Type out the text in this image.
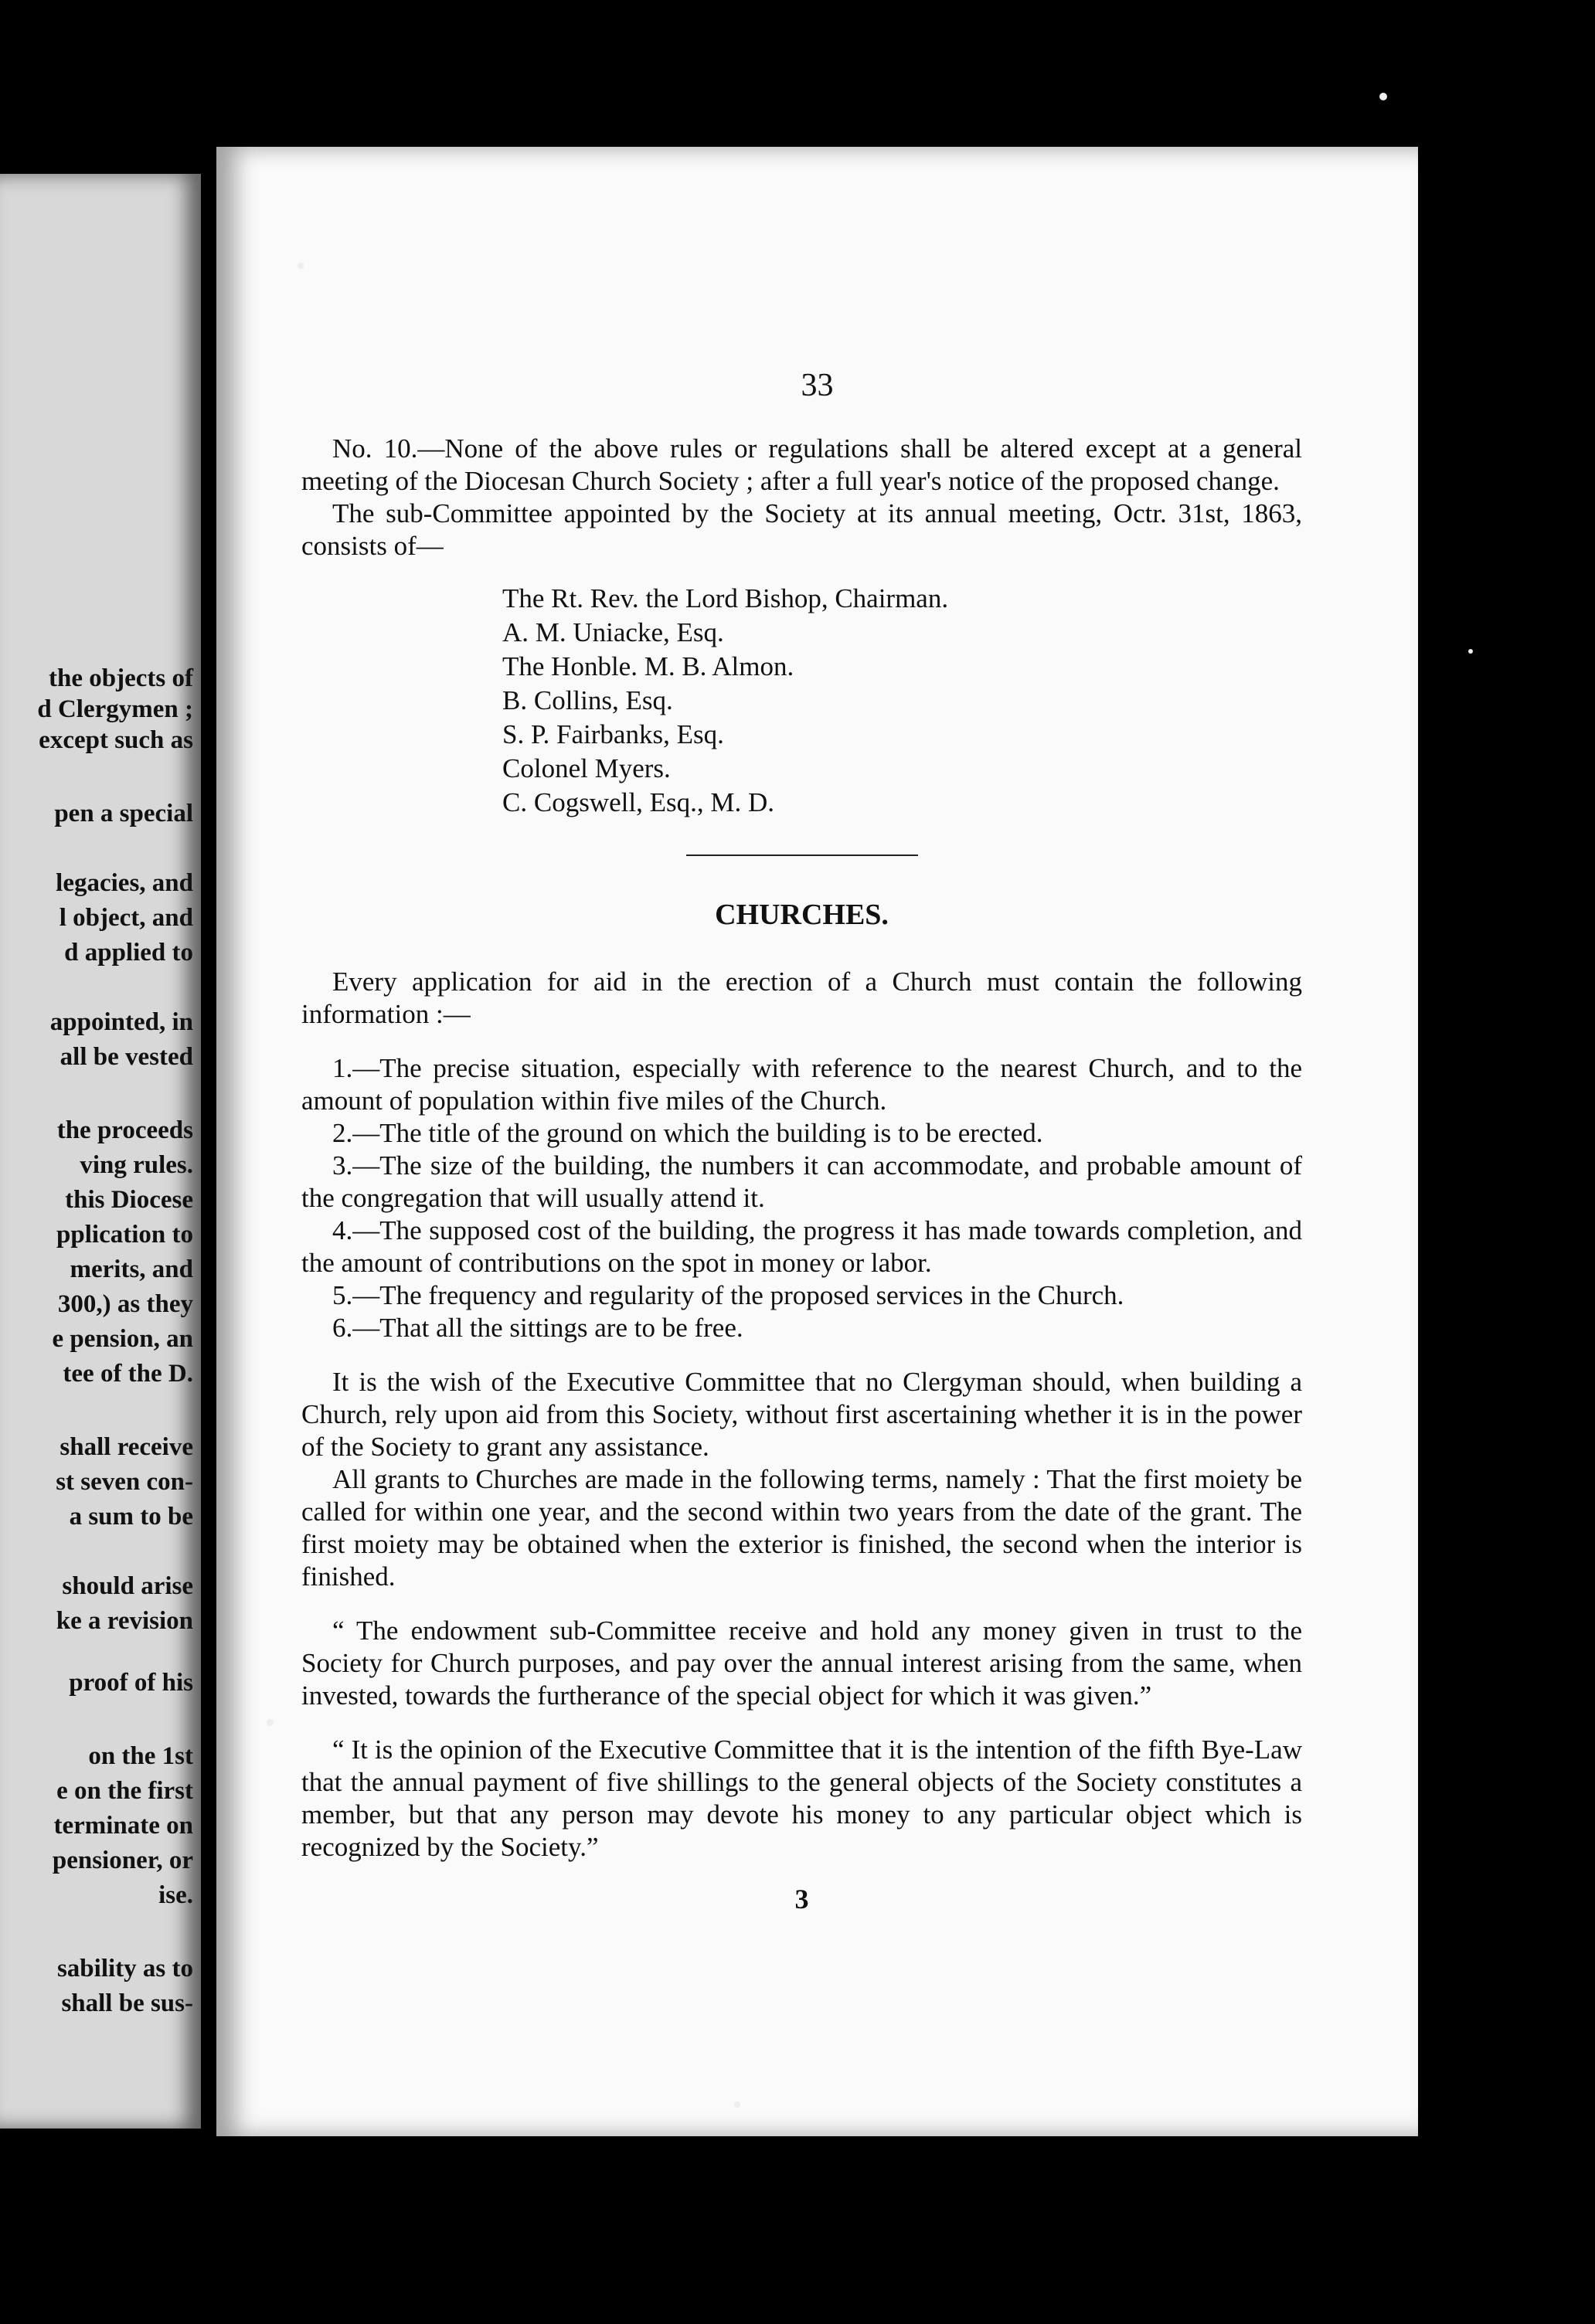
the objects of
d Clergymen ;
except such as
pen a special
legacies, and
l object, and
d applied to
appointed, in
all be vested
the proceeds
ving rules.
this Diocese
pplication to
merits, and
300,) as they
e pension, an
tee of the D.
shall receive
st seven con-
a sum to be
should arise
ke a revision
proof of his
on the 1st
e on the first
terminate on
pensioner, or
ise.
sability as to
shall be sus-
33

No. 10.—None of the above rules or regulations shall be altered except at a general meeting of the Diocesan Church Society ; after a full year's notice of the proposed change.

The sub-Committee appointed by the Society at its annual meeting, Octr. 31st, 1863, consists of—

The Rt. Rev. the Lord Bishop, Chairman.
A. M. Uniacke, Esq.
The Honble. M. B. Almon.
B. Collins, Esq.
S. P. Fairbanks, Esq.
Colonel Myers.
C. Cogswell, Esq., M. D.
CHURCHES.

Every application for aid in the erection of a Church must contain the following information :—

1.—The precise situation, especially with reference to the nearest Church, and to the amount of population within five miles of the Church.

2.—The title of the ground on which the building is to be erected.

3.—The size of the building, the numbers it can accommodate, and probable amount of the congregation that will usually attend it.

4.—The supposed cost of the building, the progress it has made towards completion, and the amount of contributions on the spot in money or labor.

5.—The frequency and regularity of the proposed services in the Church.

6.—That all the sittings are to be free.

It is the wish of the Executive Committee that no Clergyman should, when building a Church, rely upon aid from this Society, without first ascertaining whether it is in the power of the Society to grant any assistance.

All grants to Churches are made in the following terms, namely : That the first moiety be called for within one year, and the second within two years from the date of the grant. The first moiety may be obtained when the exterior is finished, the second when the interior is finished.

“ The endowment sub-Committee receive and hold any money given in trust to the Society for Church purposes, and pay over the annual interest arising from the same, when invested, towards the furtherance of the special object for which it was given.”

“ It is the opinion of the Executive Committee that it is the intention of the fifth Bye-Law that the annual payment of five shillings to the general objects of the Society constitutes a member, but that any person may devote his money to any particular object which is recognized by the Society.”

3
